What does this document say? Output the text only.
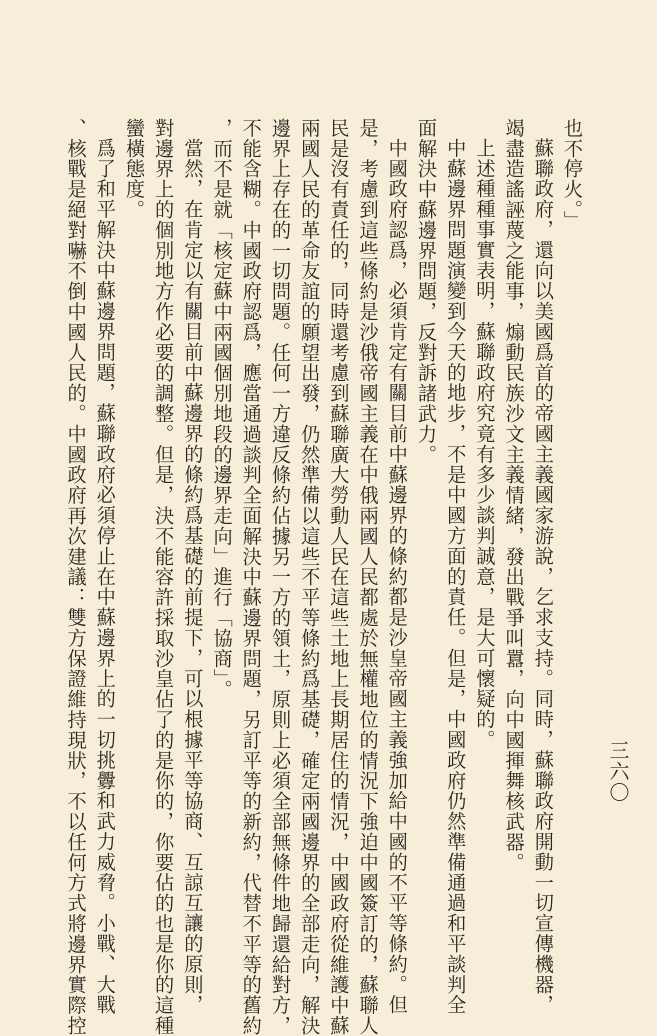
三六〇
也不停火。」
蘇聯政府，還向以美國爲首的帝國主義國家游說，乞求支持。同時，蘇聯政府開動一切宣傳機器，
竭盡造謠誣蔑之能事，煽動民族沙文主義情緒，發出戰爭叫囂，向中國揮舞核武器。
上述種種事實表明，蘇聯政府究竟有多少談判誠意，是大可懷疑的。
中蘇邊界問題演變到今天的地步，不是中國方面的責任。但是，中國政府仍然準備通過和平談判全
面解決中蘇邊界問題，反對訴諸武力。
中國政府認爲，必須肯定有關目前中蘇邊界的條約都是沙皇帝國主義強加給中國的不平等條約。但
是，考慮到這些條約是沙俄帝國主義在中俄兩國人民都處於無權地位的情況下強迫中國簽訂的，蘇聯人
民是沒有責任的，同時還考慮到蘇聯廣大勞動人民在這些土地上長期居住的情況，中國政府從維護中蘇
兩國人民的革命友誼的願望出發，仍然準備以這些不平等條約爲基礎，確定兩國邊界的全部走向，解決
邊界上存在的一切問題。任何一方違反條約佔據另一方的領土，原則上必須全部無條件地歸還給對方，
不能含糊。中國政府認爲，應當通過談判全面解決中蘇邊界問題，另訂平等的新約，代替不平等的舊約
，而不是就「核定蘇中兩國個別地段的邊界走向」進行「協商」。
當然，在肯定以有關目前中蘇邊界的條約爲基礎的前提下，可以根據平等協商、互諒互讓的原則，
對邊界上的個別地方作必要的調整。但是，決不能容許採取沙皇佔了的是你的，你要佔的也是你的這種
蠻橫態度。
爲了和平解決中蘇邊界問題，蘇聯政府必須停止在中蘇邊界上的一切挑釁和武力威脅。小戰、大戰
、核戰是絕對嚇不倒中國人民的。中國政府再次建議：雙方保證維持現狀，不以任何方式將邊界實際控
